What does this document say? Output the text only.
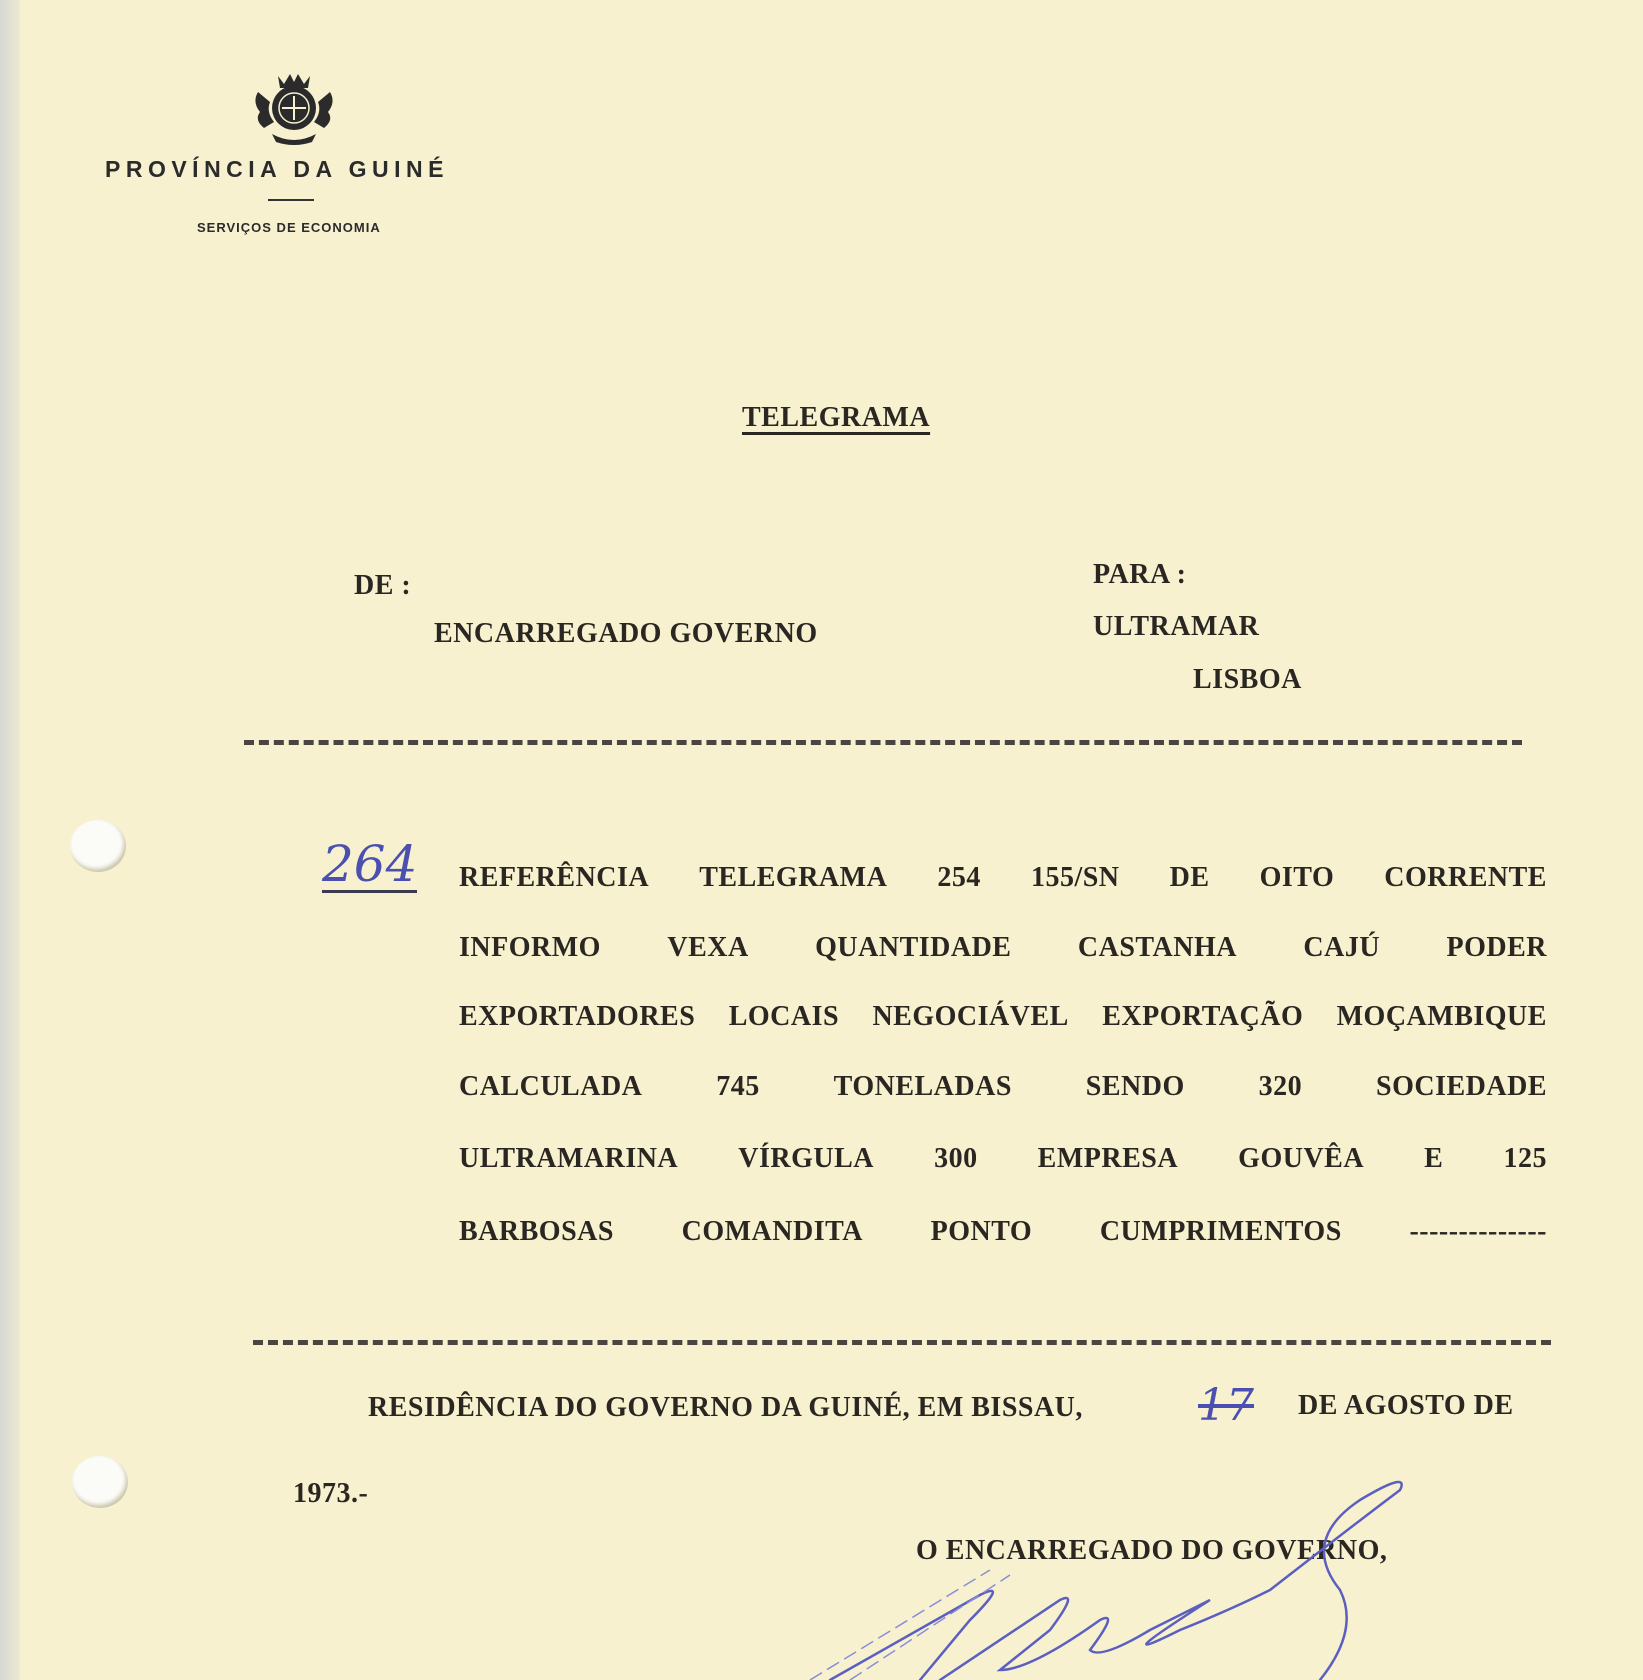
PROVÍNCIA DA GUINÉ
SERVIÇOS DE ECONOMIA
TELEGRAMA
DE :
ENCARREGADO GOVERNO
PARA :
ULTRAMAR
LISBOA
264 REFERÊNCIA TELEGRAMA 254 155/SN DE OITO CORRENTE
INFORMO VEXA QUANTIDADE CASTANHA CAJÚ PODER
EXPORTADORES LOCAIS NEGOCIÁVEL EXPORTAÇÃO MOÇAMBIQUE
CALCULADA	745	TONELADAS	SENDO	320	SOCIEDADE
ULTRAMARINA VÍRGULA 300 EMPRESA GOUVÊA E 125
BARBOSAS COMANDITA PONTO CUMPRIMENTOS --------------
RESIDÊNCIA DO GOVERNO DA GUINÉ, EM BISSAU,	17 DE AGOSTO DE
1973.-
O ENCARREGADO DO GOVERNO,
